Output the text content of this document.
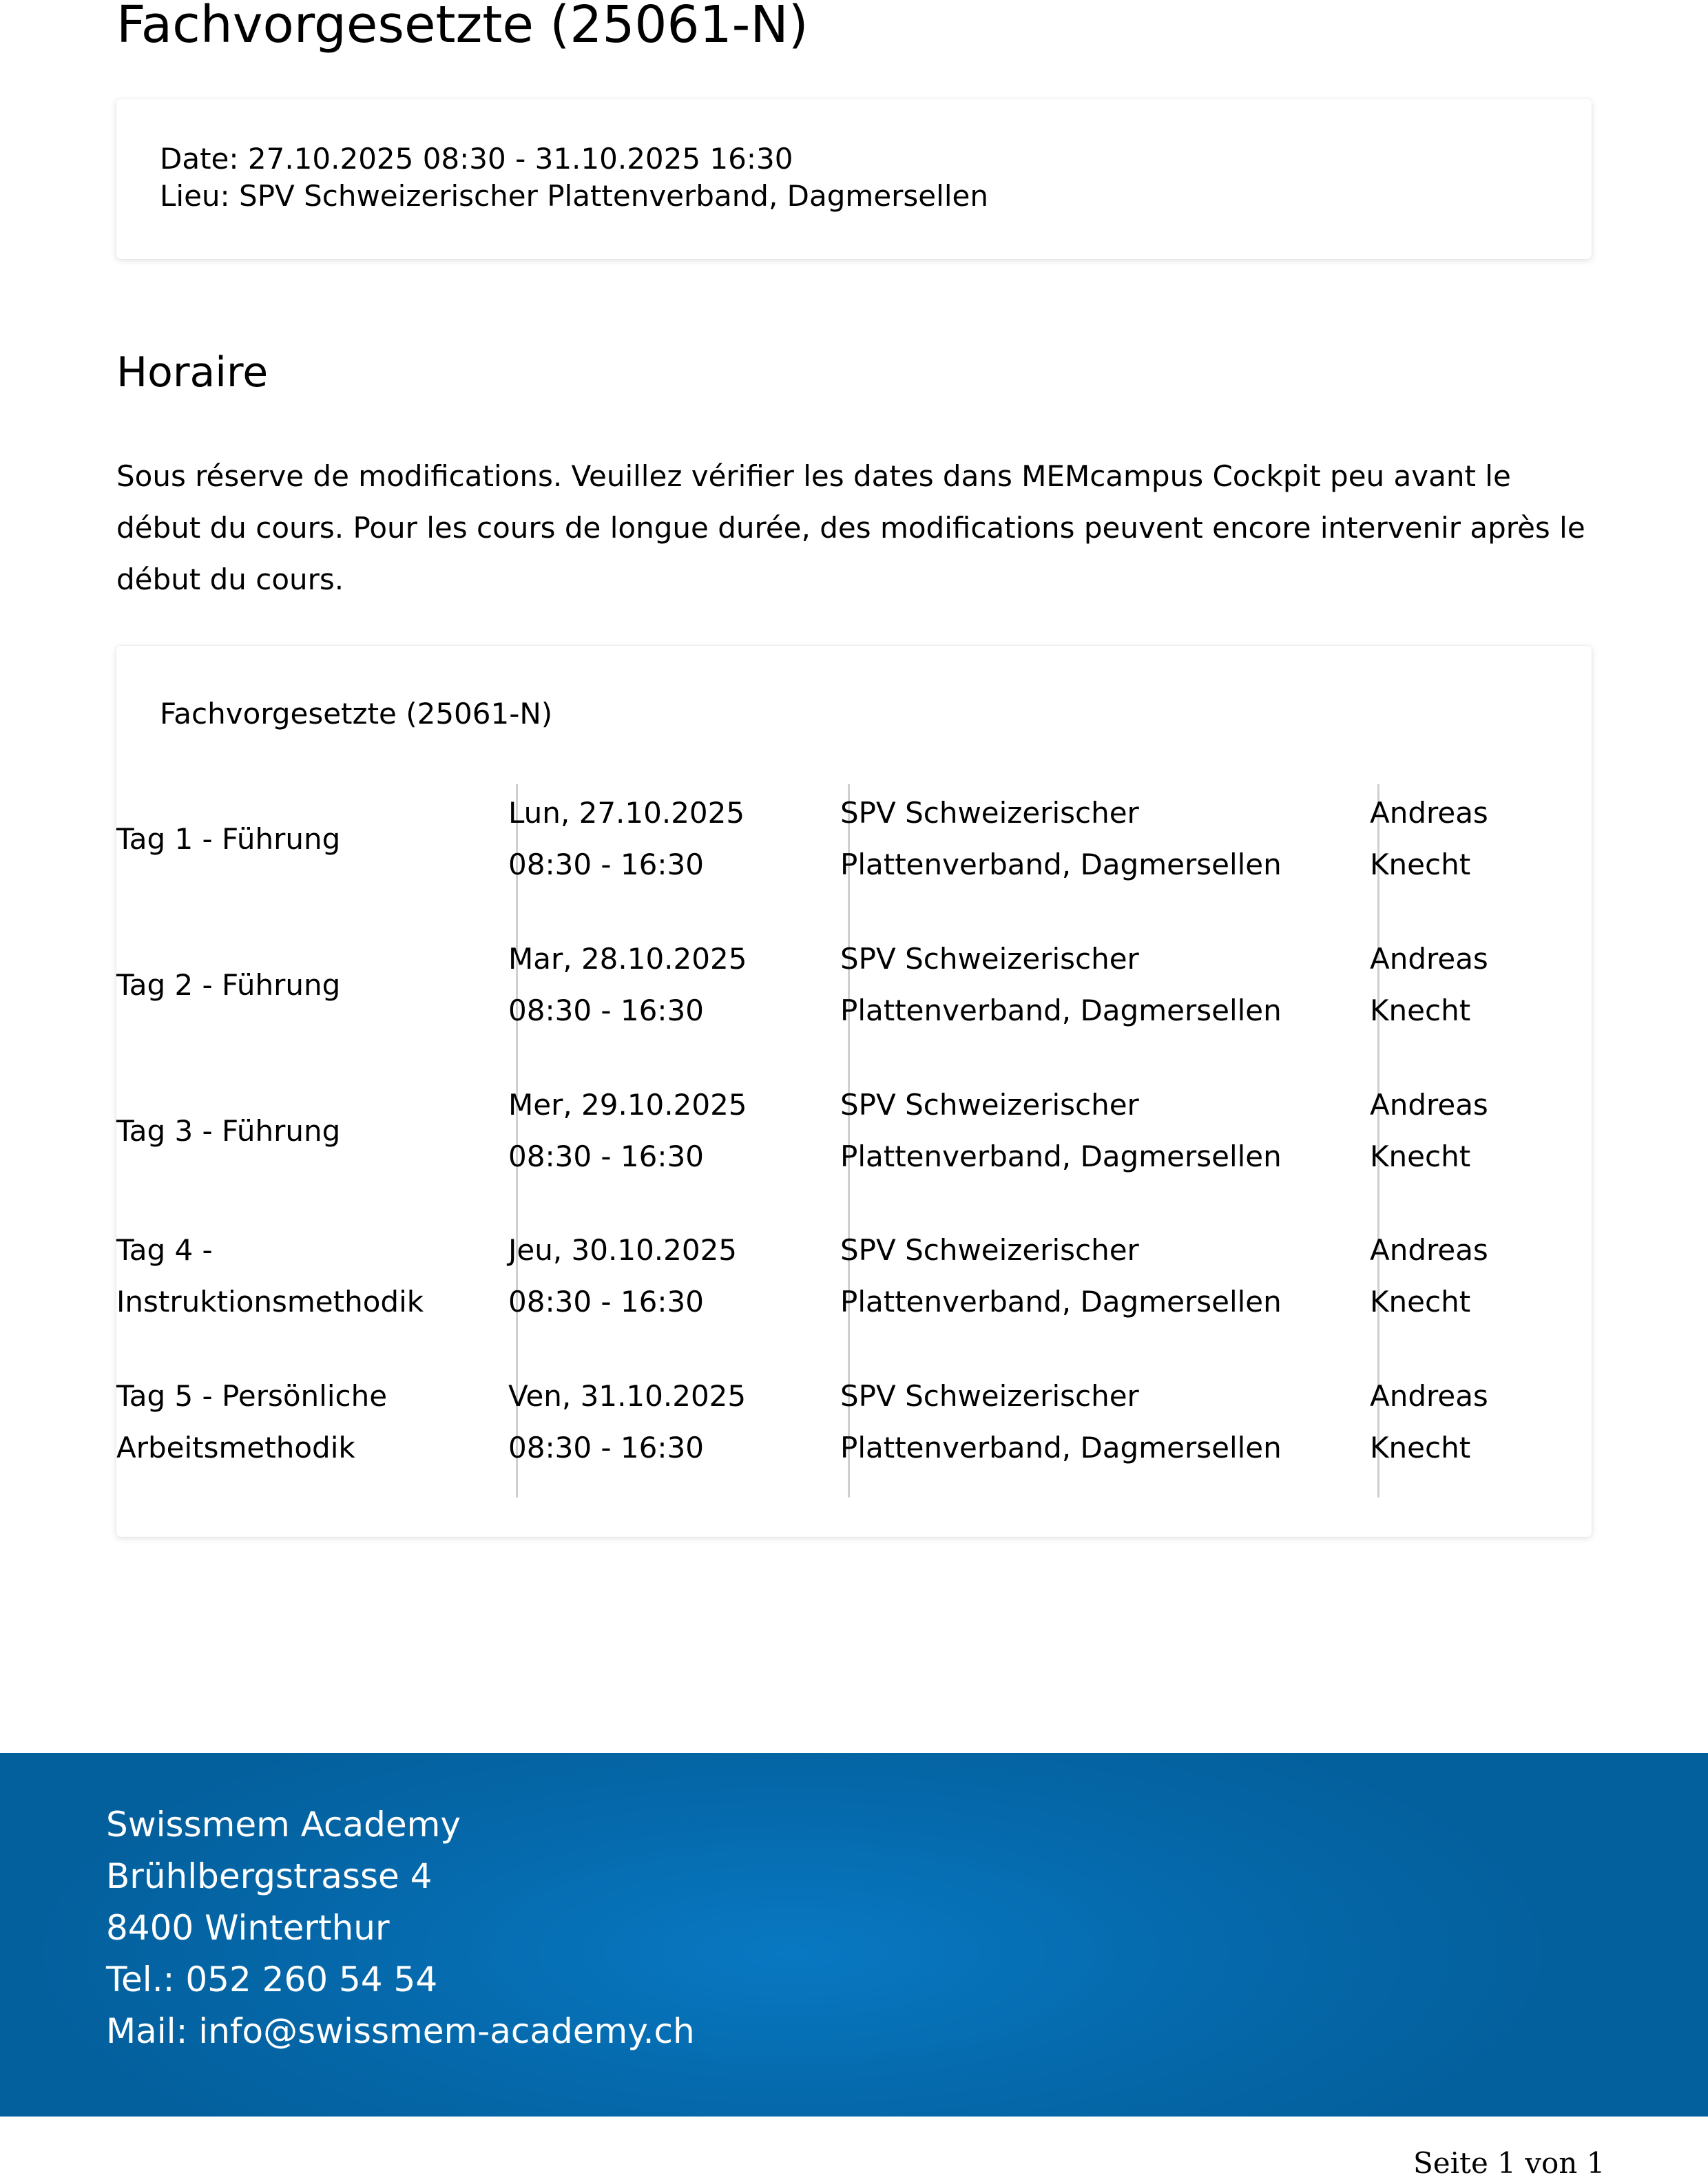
Fachvorgesetzte (25061-N)
Date: 27.10.2025 08:30 - 31.10.2025 16:30
Lieu: SPV Schweizerischer Plattenverband, Dagmersellen
Horaire

Sous réserve de modifications. Veuillez vérifier les dates dans MEMcampus Cockpit peu avant le début du cours. Pour les cours de longue durée, des modifications peuvent encore intervenir après le début du cours.

Fachvorgesetzte (25061-N)
Tag 1 - Führung
Lun, 27.10.2025
08:30 - 16:30
SPV Schweizerischer
Plattenverband, Dagmersellen
Andreas
Knecht
Tag 2 - Führung
Mar, 28.10.2025
08:30 - 16:30
SPV Schweizerischer
Plattenverband, Dagmersellen
Andreas
Knecht
Tag 3 - Führung
Mer, 29.10.2025
08:30 - 16:30
SPV Schweizerischer
Plattenverband, Dagmersellen
Andreas
Knecht
Tag 4 -
Instruktionsmethodik
Jeu, 30.10.2025
08:30 - 16:30
SPV Schweizerischer
Plattenverband, Dagmersellen
Andreas
Knecht
Tag 5 - Persönliche
Arbeitsmethodik
Ven, 31.10.2025
08:30 - 16:30
SPV Schweizerischer
Plattenverband, Dagmersellen
Andreas
Knecht
Swissmem Academy
Brühlbergstrasse 4
8400 Winterthur
Tel.: 052 260 54 54
Mail: info@swissmem-academy.ch
Seite 1 von 1
